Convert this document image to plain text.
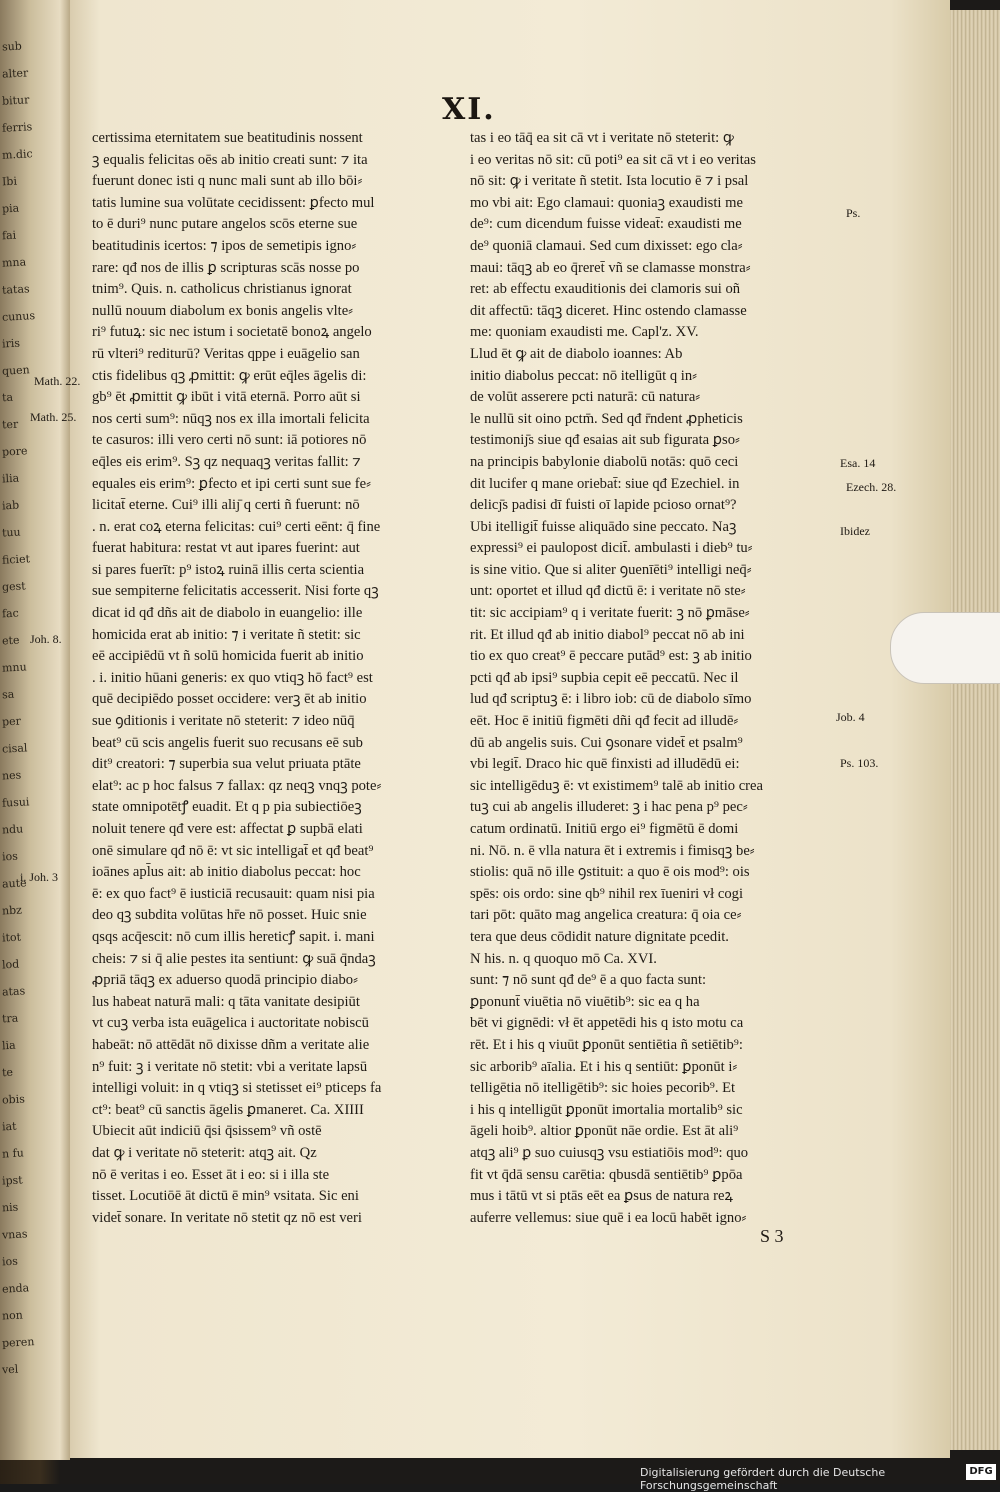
sub
alter
bitur
ferris
m.dic
Ibi
pia
fai
mna
tatas
cunus
iris
quen
ta
ter
pore
ilia
iab
tuu
ficiet
gest
fac
ete
mnu
sa
per
cisal
nes
fusui
ndu
ios
aute
nbz
itot
lod
atas
tra
lia
te
obis
iat
n fu
ipst
nis
vnas
ios
enda
non
peren
vel
XI.
certissima eternitatem sue beatitudinis nossent
ꝫ equalis felicitas oēs ab initio creati sunt: ⁊ ita
fuerunt donec isti q nunc mali sunt ab illo bōi⸗
tatis lumine sua volūtate cecidissent: ꝑfecto mul
to ē duri⁹ nunc putare angelos scōs eterne sue
beatitudinis icertos: ⁊ ipos de semetipis igno⸗
rare: qđ nos de illis ꝑ scripturas scās nosse po
tnim⁹. Quis. n. catholicus christianus ignorat
nullū nouum diabolum ex bonis angelis vlte⸗
ri⁹ futuꝝ: sic nec istum i societatē bonoꝝ angelo
rū vlteri⁹ rediturū? Veritas qppe i euāgelio san
ctis fidelibus qꝫ ꝓmittit: ꝙ erūt eq̄les āgelis di:
gb⁹ ēt ꝓmittit ꝙ ibūt i vitā eternā. Porro aūt si
nos certi sum⁹: nūqꝫ nos ex illa imortali felicita
te casuros: illi vero certi nō sunt: iā potiores nō
eq̄les eis erim⁹. Sꝫ qz nequaqꝫ veritas fallit: ⁊
equales eis erim⁹: ꝑfecto et ipi certi sunt sue fe⸗
licitat̄ eterne. Cui⁹ illi aliȷ̄ q certi ñ fuerunt: nō
. n. erat coꝝ eterna felicitas: cui⁹ certi eēnt: q̄ fine
fuerat habitura: restat vt aut ipares fuerint: aut
si pares fuerīt: p⁹ istoꝝ ruinā illis certa scientia
sue sempiterne felicitatis accesserit. Nisi forte qꝫ
dicat id qđ dñs ait de diabolo in euangelio: ille
homicida erat ab initio: ⁊ i veritate ñ stetit: sic
eē accipiēdū vt ñ solū homicida fuerit ab initio
. i. initio hūani generis: ex quo vtiqꝫ hō fact⁹ est
quē decipiēdo posset occidere: verꝫ ēt ab initio
sue ꝯditionis i veritate nō steterit: ⁊ ideo nūq̄
beat⁹ cū scis angelis fuerit suo recusans eē sub
dit⁹ creatori: ⁊ superbia sua velut priuata ptāte
elat⁹: ac p hoc falsus ⁊ fallax: qz neqꝫ vnqꝫ pote⸗
state omnipotētꝭ euadit. Et q p pia subiectiōeꝫ
noluit tenere qđ vere est: affectat ꝑ supbā elati
onē simulare qđ nō ē: vt sic intelligat̄ et qđ beat⁹
ioānes apl̄us ait: ab initio diabolus peccat: hoc
ē: ex quo fact⁹ ē iusticiā recusauit: quam nisi pia
deo qꝫ subdita volūtas hr̄e nō posset. Huic snie
qsqs acq̄escit: nō cum illis hereticꝭ sapit. i. mani
cheis: ⁊ si q̄ alie pestes ita sentiunt: ꝙ suā q̄ndaꝫ
ꝓpriā tāqꝫ ex aduerso quodā principio diabo⸗
lus habeat naturā mali: q tāta vanitate desipiūt
vt cuꝫ verba ista euāgelica i auctoritate nobiscū
habeāt: nō attēdāt nō dixisse dñm a veritate alie
n⁹ fuit: ꝫ i veritate nō stetit: vbi a veritate lapsū
intelligi voluit: in q vtiqꝫ si stetisset ei⁹ pticeps fa
ct⁹: beat⁹ cū sanctis āgelis ꝑmaneret. Ca. XIIII
Ubiecit aūt indiciū q̄si q̄sissem⁹ vñ ostē
dat ꝙ i veritate nō steterit: atqꝫ ait. Qz
nō ē veritas i eo. Esset āt i eo: si i illa ste
tisset. Locutiōē āt dictū ē min⁹ vsitata. Sic eni
videt̄ sonare. In veritate nō stetit qz nō est veri
tas i eo tāq̄ ea sit cā vt i veritate nō steterit: ꝙ
i eo veritas nō sit: cū poti⁹ ea sit cā vt i eo veritas
nō sit: ꝙ i veritate ñ stetit. Ista locutio ē ⁊ i psal
mo vbi ait: Ego clamaui: quoniaꝫ exaudisti me
de⁹: cum dicendum fuisse videat̄: exaudisti me
de⁹ quoniā clamaui. Sed cum dixisset: ego cla⸗
maui: tāqꝫ ab eo q̄reret̄ vñ se clamasse monstra⸗
ret: ab effectu exauditionis dei clamoris sui oñ
dit affectū: tāqꝫ diceret. Hinc ostendo clamasse
me: quoniam exaudisti me. Capl'z. XV.
Llud ēt ꝙ ait de diabolo ioannes: Ab
initio diabolus peccat: nō itelligūt q in⸗
de volūt asserere pcti naturā: cū natura⸗
le nullū sit oino pctm̄. Sed qđ r̄ndent ꝓpheticis
testimoniȷ̄s siue qđ esaias ait sub figurata ꝑso⸗
na principis babylonie diabolū notās: quō ceci
dit lucifer q mane oriebat̄: siue qđ Ezechiel. in
delicȷ̄s padisi dī fuisti oī lapide pcioso ornat⁹?
Ubi itelligit̄ fuisse aliquādo sine peccato. Naꝫ
expressi⁹ ei paulopost dicit̄. ambulasti i dieb⁹ tu⸗
is sine vitio. Que si aliter ꝯuenīēti⁹ intelligi neq̄⸗
unt: oportet et illud qđ dictū ē: i veritate nō ste⸗
tit: sic accipiam⁹ q i veritate fuerit: ꝫ nō ꝑmāse⸗
rit. Et illud qđ ab initio diabol⁹ peccat nō ab ini
tio ex quo creat⁹ ē peccare putād⁹ est: ꝫ ab initio
pcti qđ ab ipsi⁹ supbia cepit eē peccatū. Nec il
lud qđ scriptuꝫ ē: i libro iob: cū de diabolo sīmo
eēt. Hoc ē initiū figmēti dñi qđ fecit ad illudē⸗
dū ab angelis suis. Cui ꝯsonare videt̄ et psalm⁹
vbi legit̄. Draco hic quē finxisti ad illudēdū ei:
sic intelligēduꝫ ē: vt existimem⁹ talē ab initio crea
tuꝫ cui ab angelis illuderet: ꝫ i hac pena p⁹ pec⸗
catum ordinatū. Initiū ergo ei⁹ figmētū ē domi
ni. Nō. n. ē vlla natura ēt i extremis i fimisqꝫ be⸗
stiolis: quā nō ille ꝯstituit: a quo ē ois mod⁹: ois
spēs: ois ordo: sine qb⁹ nihil rex īueniri vł cogi
tari pōt: quāto mag angelica creatura: q̄ oia ce⸗
tera que deus cōdidit nature dignitate pcedit.
N his. n. q quoquo mō Ca. XVI.
sunt: ⁊ nō sunt qđ de⁹ ē a quo facta sunt:
ꝑponunt̄ viuētia nō viuētib⁹: sic ea q ha
bēt vi gignēdi: vł ēt appetēdi his q isto motu ca
rēt. Et i his q viuūt ꝑponūt sentiētia ñ setiētib⁹:
sic arborib⁹ aīalia. Et i his q sentiūt: ꝑponūt i⸗
telligētia nō itelligētib⁹: sic hoies pecorib⁹. Et
i his q intelligūt ꝑponūt imortalia mortalib⁹ sic
āgeli hoib⁹. altior ꝑponūt nāe ordie. Est āt ali⁹
atqꝫ ali⁹ ꝑ suo cuiusqꝫ vsu estiatiōis mod⁹: quo
fit vt q̄dā sensu carētia: qbusdā sentiētib⁹ ꝑpōa
mus i tātū vt si ptās eēt ea ꝑsus de natura reꝝ
auferre vellemus: siue quē i ea locū habēt igno⸗
Math. 22.
Math. 25.
Joh. 8.
i. Joh. 3
Ps.
Esa. 14
Ezech. 28.
Ibidez
Job. 4
Ps. 103.
S 3
Digitalisierung gefördert durch die Deutsche Forschungsgemeinschaft
DFG
